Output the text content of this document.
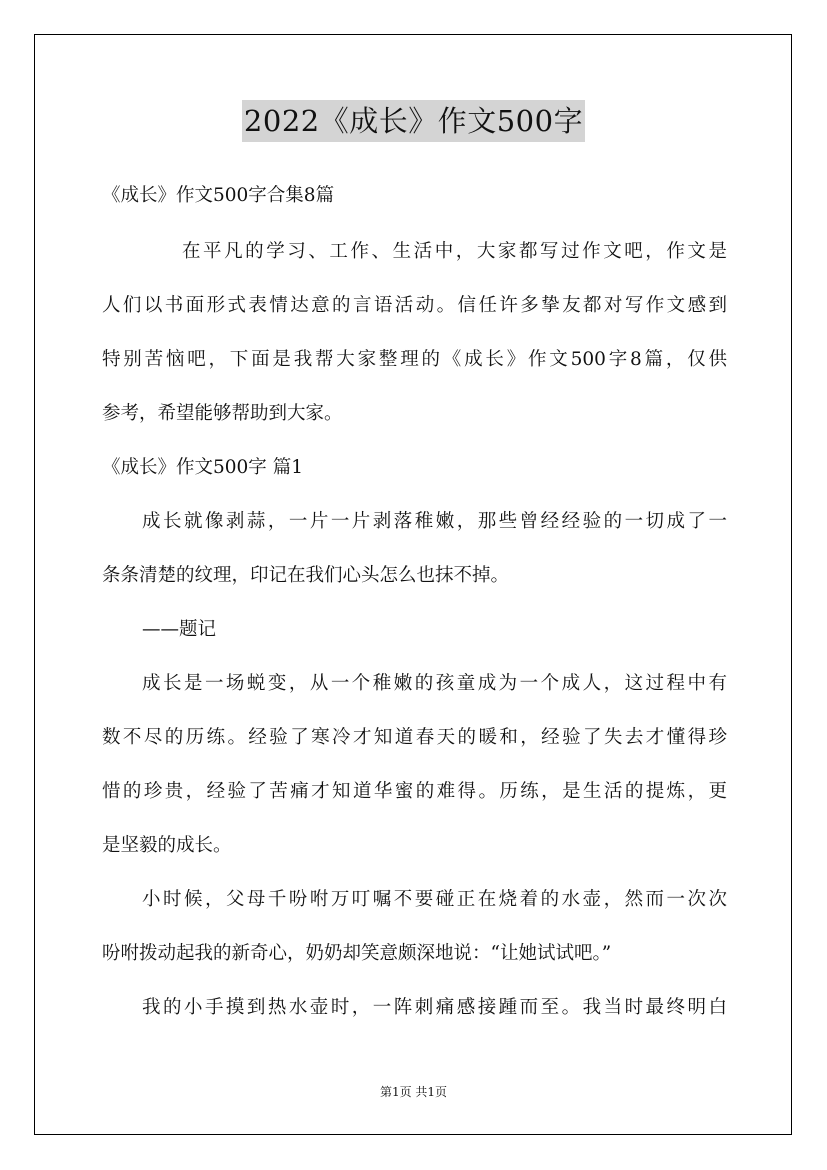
2022《成长》作文500字
《成长》作文500字合集8篇
在平凡的学习、工作、生活中，大家都写过作文吧，作文是
人们以书面形式表情达意的言语活动。信任许多挚友都对写作文感到
特别苦恼吧，下面是我帮大家整理的《成长》作文500字8篇，仅供
参考，希望能够帮助到大家。
《成长》作文500字 篇1
成长就像剥蒜，一片一片剥落稚嫩，那些曾经经验的一切成了一
条条清楚的纹理，印记在我们心头怎么也抹不掉。
——题记
成长是一场蜕变，从一个稚嫩的孩童成为一个成人，这过程中有
数不尽的历练。经验了寒冷才知道春天的暖和，经验了失去才懂得珍
惜的珍贵，经验了苦痛才知道华蜜的难得。历练，是生活的提炼，更
是坚毅的成长。
小时候，父母千吩咐万叮嘱不要碰正在烧着的水壶，然而一次次
吩咐拨动起我的新奇心，奶奶却笑意颇深地说：“让她试试吧。”
我的小手摸到热水壶时，一阵刺痛感接踵而至。我当时最终明白
第1页 共1页
